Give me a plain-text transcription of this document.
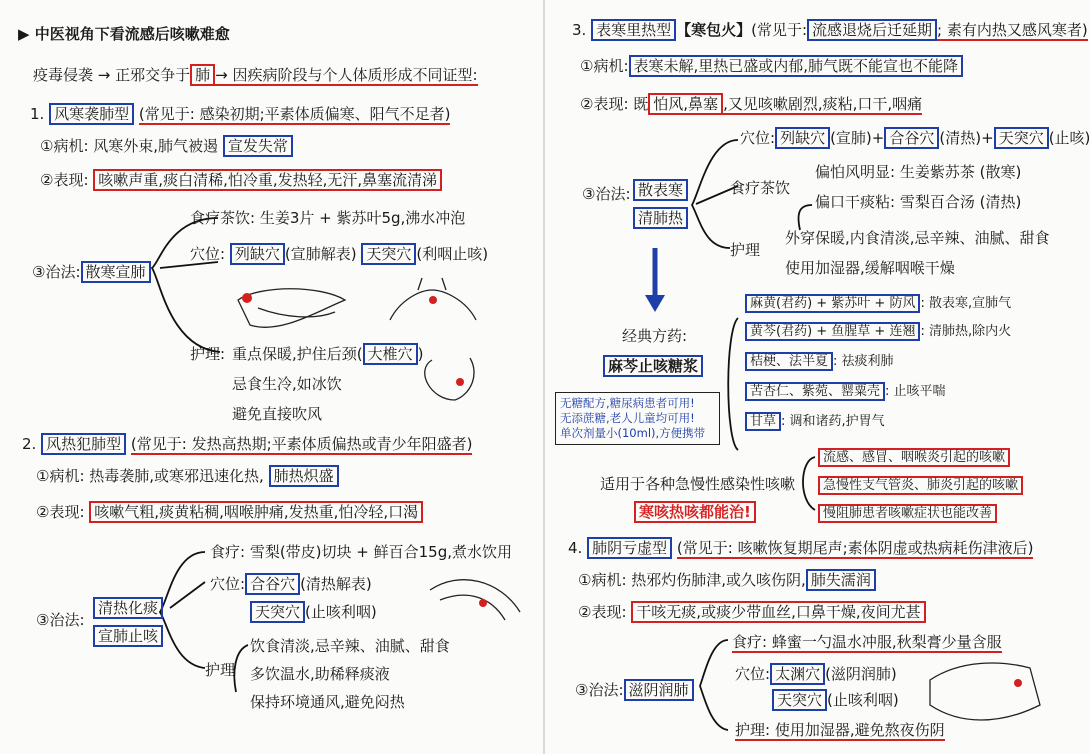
▶ 中医视角下看流感后咳嗽难愈
疫毒侵袭 → 正邪交争于 肺 → 因疾病阶段与个人体质形成不同证型:
1. 风寒袭肺型 (常见于: 感染初期;平素体质偏寒、阳气不足者)
①病机: 风寒外束,肺气被遏 宣发失常
②表现: 咳嗽声重,痰白清稀,怕冷重,发热轻,无汗,鼻塞流清涕
③治法: 散寒宣肺
食疗茶饮: 生姜3片 + 紫苏叶5g,沸水冲泡
穴位: 列缺穴 (宣肺解表) 天突穴 (利咽止咳)
护理: 重点保暖,护住后颈( 大椎穴 )
忌食生冷,如冰饮
避免直接吹风
2. 风热犯肺型 (常见于: 发热高热期;平素体质偏热或青少年阳盛者)
①病机: 热毒袭肺,或寒邪迅速化热, 肺热炽盛
②表现: 咳嗽气粗,痰黄粘稠,咽喉肿痛,发热重,怕冷轻,口渴
③治法:
清热化痰
宣肺止咳
食疗: 雪梨(带皮)切块 + 鲜百合15g,煮水饮用
穴位: 合谷穴 (清热解表)
天突穴 (止咳利咽)
护理
饮食清淡,忌辛辣、油腻、甜食
多饮温水,助稀释痰液
保持环境通风,避免闷热
3. 表寒里热型 【寒包火】(常见于: 流感退烧后迁延期 ; 素有内热又感风寒者)
①病机: 表寒未解,里热已盛或内郁,肺气既不能宣也不能降
②表现: 既 怕风,鼻塞 ,又见咳嗽剧烈,痰粘,口干,咽痛
③治法: 散表寒
清肺热
穴位: 列缺穴 (宣肺)+ 合谷穴 (清热)+ 天突穴 (止咳)
食疗茶饮
偏怕风明显: 生姜紫苏茶 (散寒)
偏口干痰粘: 雪梨百合汤 (清热)
护理
外穿保暖,内食清淡,忌辛辣、油腻、甜食
使用加湿器,缓解咽喉干燥
经典方药:
麻芩止咳糖浆
无糖配方,糖尿病患者可用!
无添蔗糖,老人儿童均可用!
单次剂量小(10ml),方便携带
麻黄(君药) + 紫苏叶 + 防风 : 散表寒,宣肺气
黄芩(君药) + 鱼腥草 + 连翘 : 清肺热,除内火
桔梗、法半夏 : 祛痰利肺
苦杏仁、紫菀、罂粟壳 : 止咳平喘
甘草 : 调和诸药,护胃气
适用于各种急慢性感染性咳嗽
寒咳热咳都能治!
流感、感冒、咽喉炎引起的咳嗽
急慢性支气管炎、肺炎引起的咳嗽
慢阻肺患者咳嗽症状也能改善
4. 肺阴亏虚型 (常见于: 咳嗽恢复期尾声;素体阴虚或热病耗伤津液后)
①病机: 热邪灼伤肺津,或久咳伤阴, 肺失濡润
②表现: 干咳无痰,或痰少带血丝,口鼻干燥,夜间尤甚
③治法: 滋阴润肺
食疗: 蜂蜜一勺温水冲服,秋梨膏少量含服
穴位: 太渊穴 (滋阴润肺)
天突穴 (止咳利咽)
护理: 使用加湿器,避免熬夜伤阴
